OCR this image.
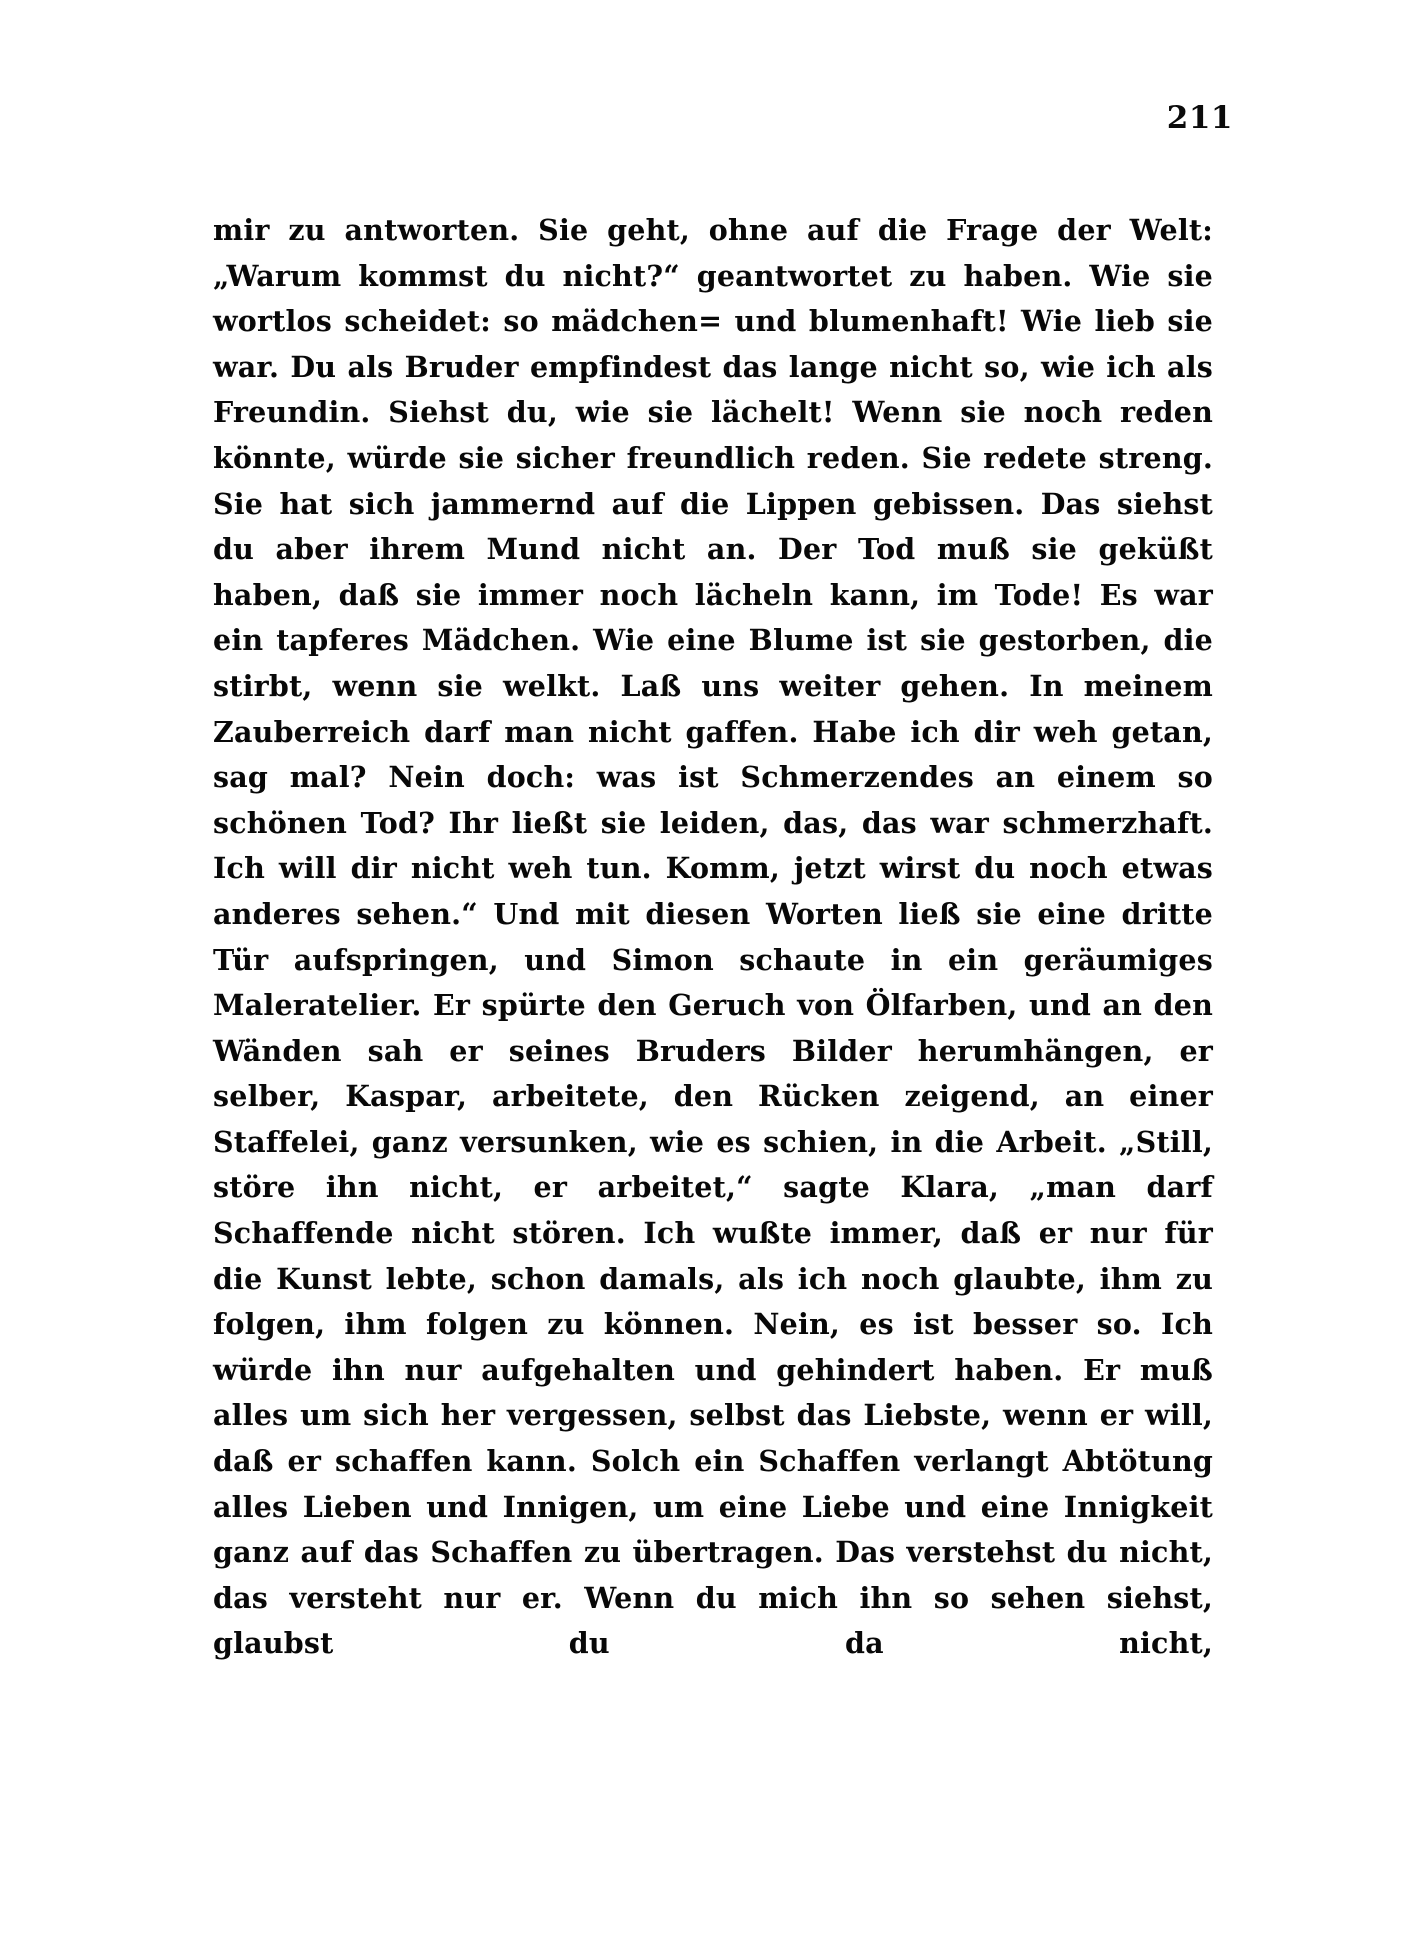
211

mir zu antworten. Sie geht, ohne auf die Frage der Welt: „Warum kommst du nicht?“ geantwortet zu haben. Wie sie wortlos scheidet: so mädchen= und blumenhaft! Wie lieb sie war. Du als Bruder empfindest das lange nicht so, wie ich als Freundin. Siehst du, wie sie lächelt! Wenn sie noch reden könnte, würde sie sicher freundlich reden. Sie redete streng. Sie hat sich jammernd auf die Lippen gebissen. Das siehst du aber ihrem Mund nicht an. Der Tod muß sie geküßt haben, daß sie immer noch lächeln kann, im Tode! Es war ein tapferes Mädchen. Wie eine Blume ist sie gestorben, die stirbt, wenn sie welkt. Laß uns weiter gehen. In meinem Zauberreich darf man nicht gaffen. Habe ich dir weh getan, sag mal? Nein doch: was ist Schmerzendes an einem so schönen Tod? Ihr ließt sie leiden, das, das war schmerzhaft. Ich will dir nicht weh tun. Komm, jetzt wirst du noch etwas anderes sehen.“ Und mit diesen Worten ließ sie eine dritte Tür aufspringen, und Simon schaute in ein geräumiges Maleratelier. Er spürte den Geruch von Ölfarben, und an den Wänden sah er seines Bruders Bilder herumhängen, er selber, Kaspar, arbeitete, den Rücken zeigend, an einer Staffelei, ganz versunken, wie es schien, in die Arbeit. „Still, störe ihn nicht, er arbeitet,“ sagte Klara, „man darf Schaffende nicht stören. Ich wußte immer, daß er nur für die Kunst lebte, schon damals, als ich noch glaubte, ihm zu folgen, ihm folgen zu können. Nein, es ist besser so. Ich würde ihn nur aufgehalten und gehindert haben. Er muß alles um sich her vergessen, selbst das Liebste, wenn er will, daß er schaffen kann. Solch ein Schaffen verlangt Abtötung alles Lieben und Innigen, um eine Liebe und eine Innigkeit ganz auf das Schaffen zu übertragen. Das verstehst du nicht, das versteht nur er. Wenn du mich ihn so sehen siehst, glaubst du da nicht,
